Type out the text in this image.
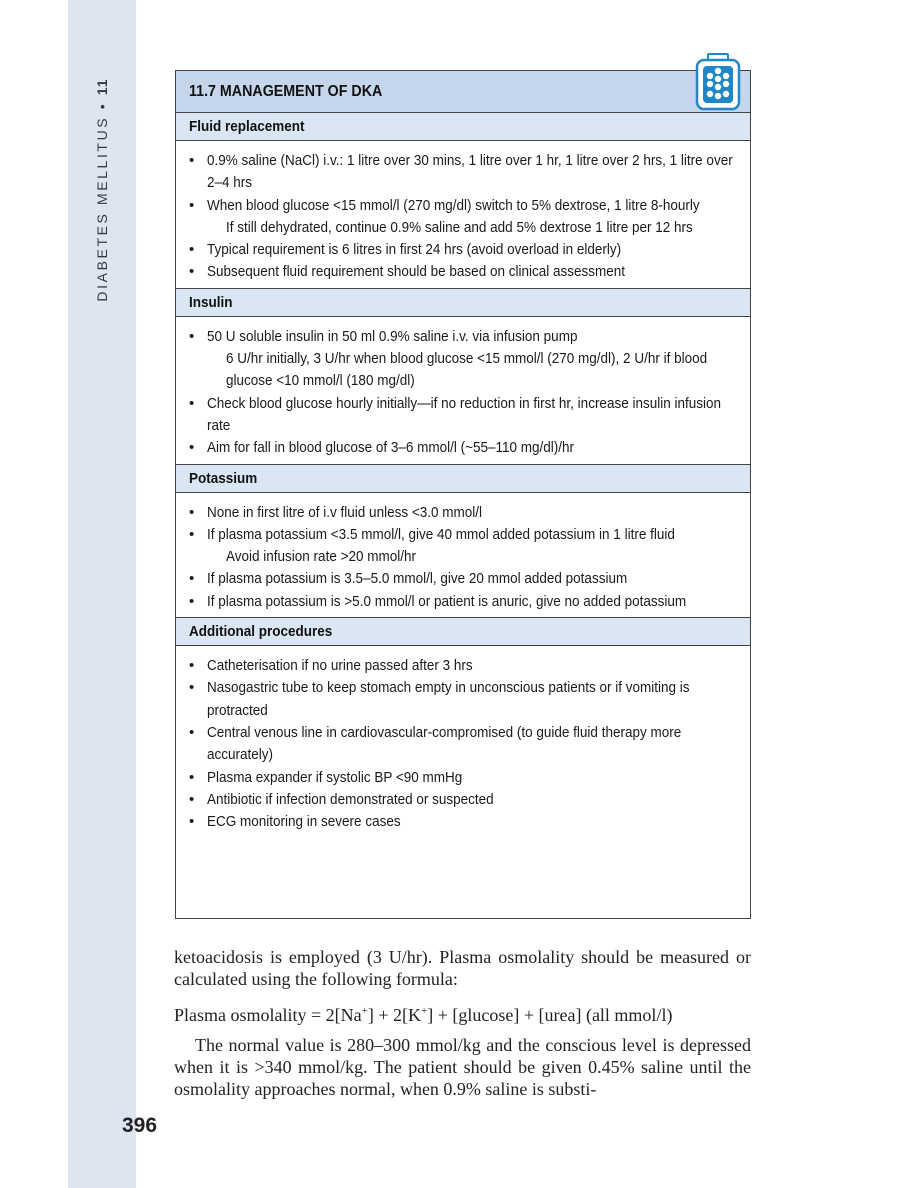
DIABETES MELLITUS • 11	11.7 MANAGEMENT OF DKA
Fluid replacement
• 0.9% saline (NaCl) i.v.: 1 litre over 30 mins, 1 litre over 1 hr, 1 litre over 2 hrs, 1 litre over 2–4 hrs
• When blood glucose <15 mmol/l (270 mg/dl) switch to 5% dextrose, 1 litre 8-hourly
If still dehydrated, continue 0.9% saline and add 5% dextrose 1 litre per 12 hrs
• Typical requirement is 6 litres in first 24 hrs (avoid overload in elderly)
• Subsequent fluid requirement should be based on clinical assessment
Insulin
• 50 U soluble insulin in 50 ml 0.9% saline i.v. via infusion pump
6 U/hr initially, 3 U/hr when blood glucose <15 mmol/l (270 mg/dl), 2 U/hr if blood glucose <10 mmol/l (180 mg/dl)
• Check blood glucose hourly initially—if no reduction in first hr, increase insulin infusion rate
• Aim for fall in blood glucose of 3–6 mmol/l (~55–110 mg/dl)/hr
Potassium
• None in first litre of i.v fluid unless <3.0 mmol/l
• If plasma potassium <3.5 mmol/l, give 40 mmol added potassium in 1 litre fluid
Avoid infusion rate >20 mmol/hr
• If plasma potassium is 3.5–5.0 mmol/l, give 20 mmol added potassium
• If plasma potassium is >5.0 mmol/l or patient is anuric, give no added potassium
Additional procedures
• Catheterisation if no urine passed after 3 hrs
• Nasogastric tube to keep stomach empty in unconscious patients or if vomiting is protracted
• Central venous line in cardiovascular-compromised (to guide fluid therapy more accurately)
• Plasma expander if systolic BP <90 mmHg
• Antibiotic if infection demonstrated or suspected
• ECG monitoring in severe cases

ketoacidosis is employed (3 U/hr). Plasma osmolality should be measured or calculated using the following formula:

Plasma osmolality = 2[Na+] + 2[K+] + [glucose] + [urea] (all mmol/l)

The normal value is 280–300 mmol/kg and the conscious level is depressed when it is >340 mmol/kg. The patient should be given 0.45% saline until the osmolality approaches normal, when 0.9% saline is substi-

396
